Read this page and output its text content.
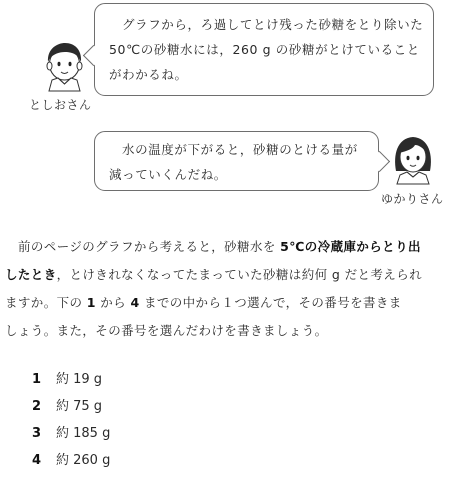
グラフから，ろ過してとけ残った砂糖をとり除いた
50℃の砂糖水には，260 g の砂糖がとけていること
がわかるね。
としおさん
水の温度が下がると，砂糖のとける量が
減っていくんだね。
ゆかりさん
前のページのグラフから考えると，砂糖水を 5℃の冷蔵庫からとり出
したとき，とけきれなくなってたまっていた砂糖は約何 g だと考えられ
ますか。下の 1 から 4 までの中から１つ選んで，その番号を書きま
しょう。また，その番号を選んだわけを書きましょう。
1 約 19 g
2 約 75 g
3 約 185 g
4 約 260 g
